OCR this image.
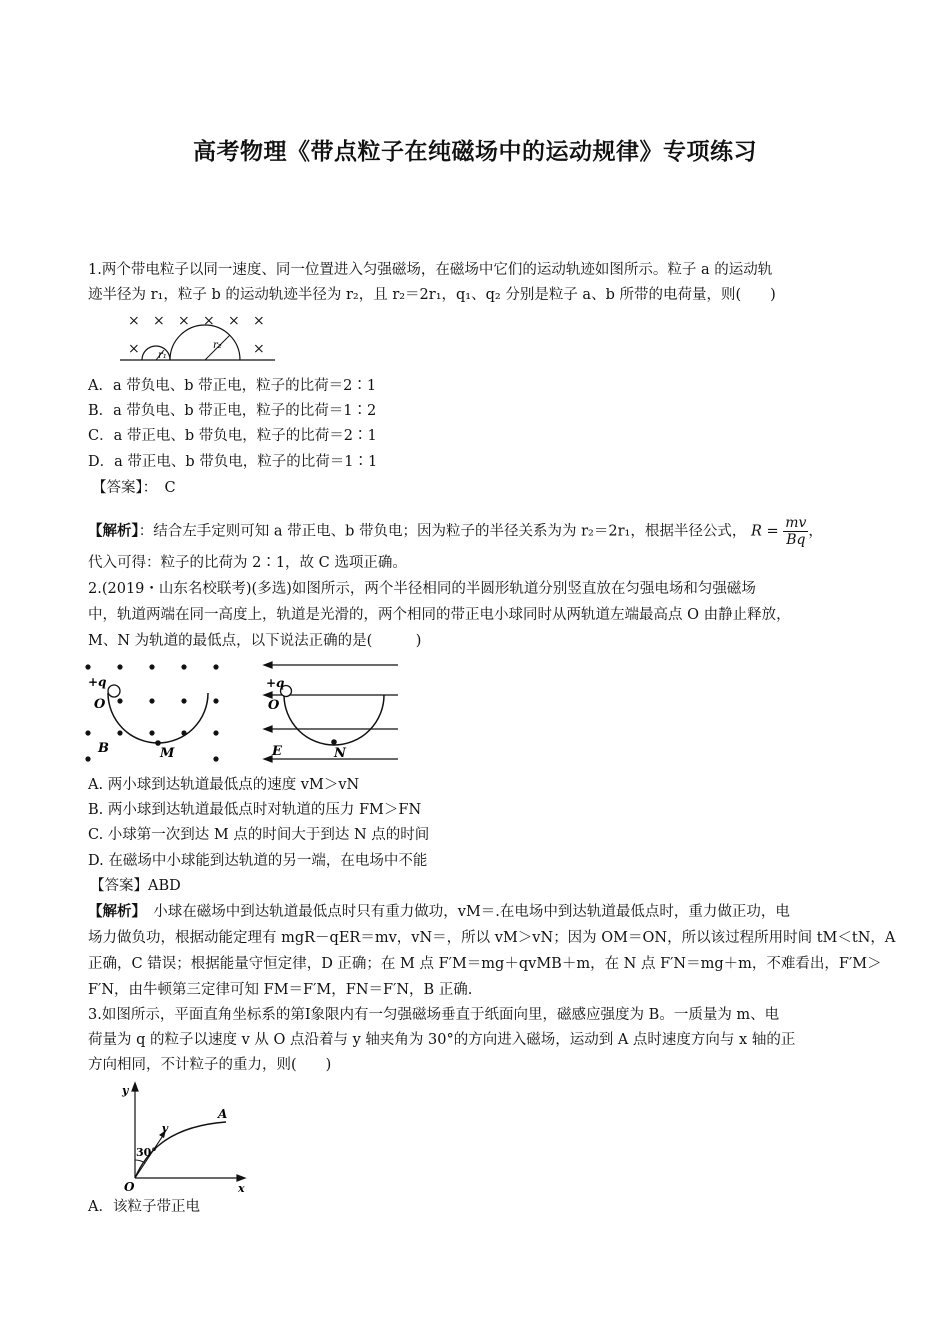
高考物理《带点粒子在纯磁场中的运动规律》专项练习
1.两个带电粒子以同一速度、同一位置进入匀强磁场，在磁场中它们的运动轨迹如图所示。粒子 a 的运动轨
迹半径为 r₁，粒子 b 的运动轨迹半径为 r₂，且 r₂＝2r₁，q₁、q₂ 分别是粒子 a、b 所带的电荷量，则(　　)
× × × × × ×
×	×
r₁
r₂
A．a 带负电、b 带正电，粒子的比荷＝2∶1
B．a 带负电、b 带正电，粒子的比荷＝1∶2
C．a 带正电、b 带负电，粒子的比荷＝2∶1
D．a 带正电、b 带负电，粒子的比荷＝1∶1
【答案】：　C
【解析】：结合左手定则可知 a 带正电、b 带负电；因为粒子的半径关系为为 r₂＝2r₁，根据半径公式， $R = \frac{mv}{Bq}$ ，
代入可得：粒子的比荷为 2∶1，故 C 选项正确。
2.(2019・山东名校联考)(多选)如图所示，两个半径相同的半圆形轨道分别竖直放在匀强电场和匀强磁场
中，轨道两端在同一高度上，轨道是光滑的，两个相同的带正电小球同时从两轨道左端最高点 O 由静止释放，
M、N 为轨道的最低点，以下说法正确的是(　　　)
+q
O
B	M
+q
O
E	N
A. 两小球到达轨道最低点的速度 vM＞vN
B. 两小球到达轨道最低点时对轨道的压力 FM＞FN
C. 小球第一次到达 M 点的时间大于到达 N 点的时间
D. 在磁场中小球能到达轨道的另一端，在电场中不能
【答案】ABD
【解析】　小球在磁场中到达轨道最低点时只有重力做功，vM＝.在电场中到达轨道最低点时，重力做正功，电
场力做负功，根据动能定理有 mgR－qER＝mv，vN＝，所以 vM＞vN；因为 OM＝ON，所以该过程所用时间 tM＜tN，A
正确，C 错误；根据能量守恒定律，D 正确；在 M 点 F′M＝mg＋qvMB＋m，在 N 点 F′N＝mg＋m，不难看出，F′M＞
F′N，由牛顿第三定律可知 FM＝F′M，FN＝F′N，B 正确.
3.如图所示，平面直角坐标系的第Ⅰ象限内有一匀强磁场垂直于纸面向里，磁感应强度为 B。一质量为 m、电
荷量为 q 的粒子以速度 v 从 O 点沿着与 y 轴夹角为 30°的方向进入磁场，运动到 A 点时速度方向与 x 轴的正
方向相同，不计粒子的重力，则(　　)
y
x
O
v
A
30°
A．该粒子带正电
